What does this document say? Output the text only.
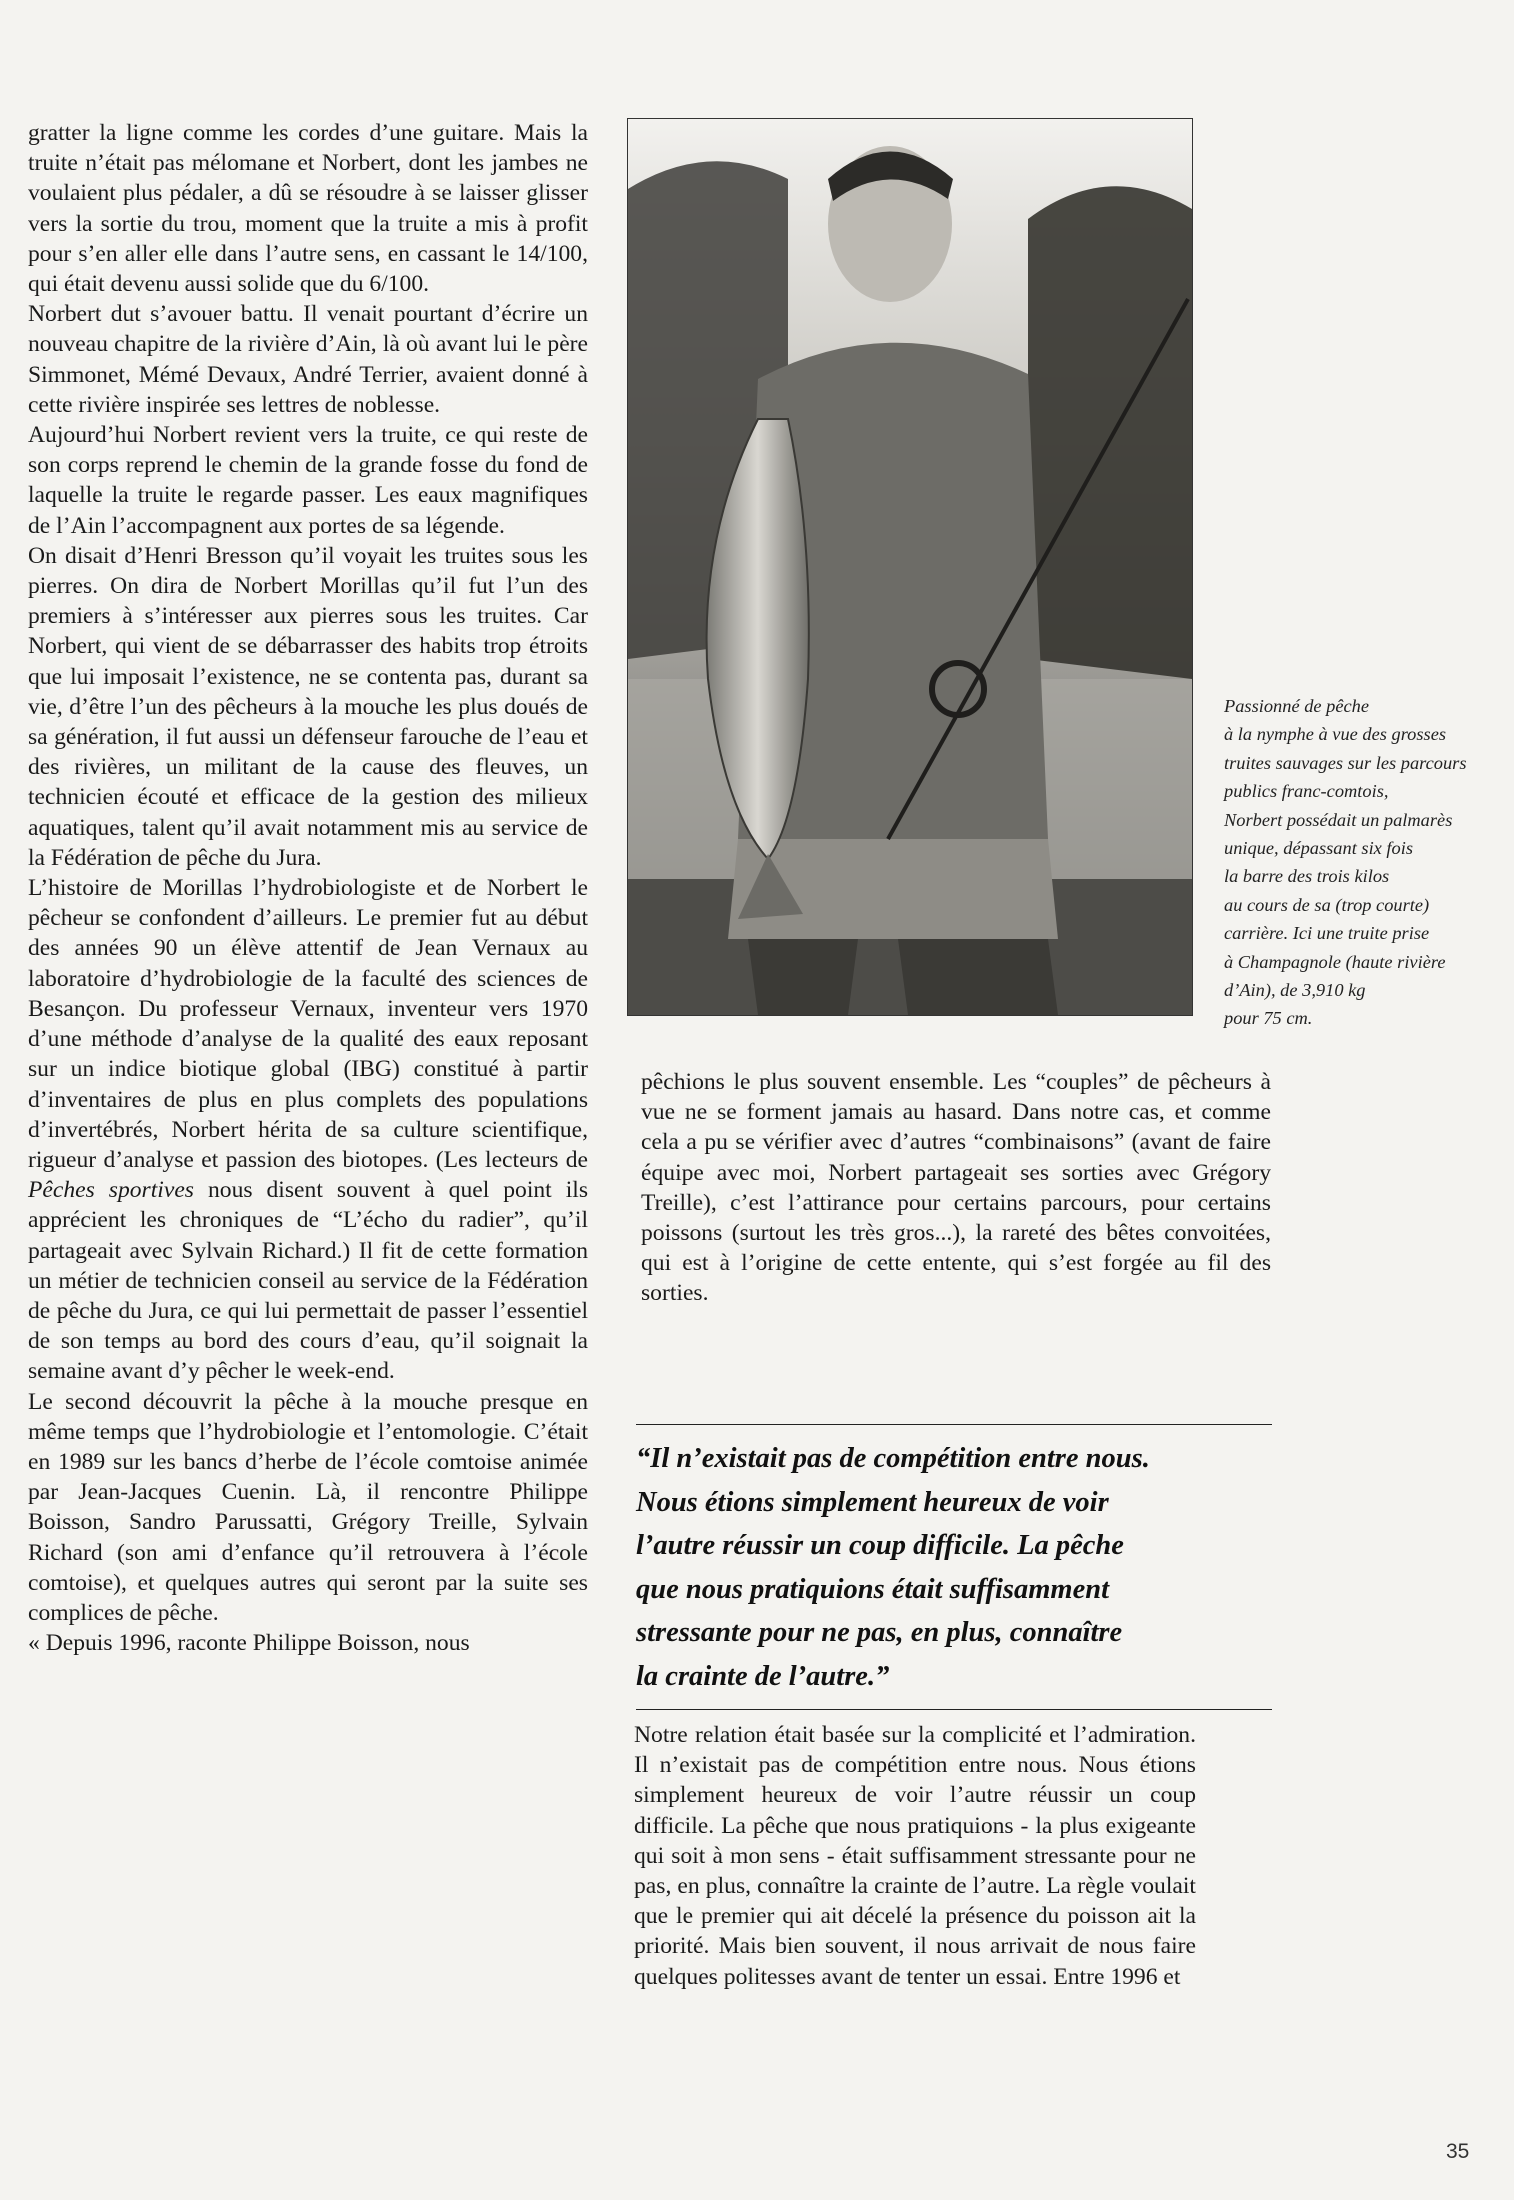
gratter la ligne comme les cordes d’une guitare. Mais la truite n’était pas mélomane et Norbert, dont les jambes ne voulaient plus pédaler, a dû se résoudre à se laisser glisser vers la sortie du trou, moment que la truite a mis à profit pour s’en aller elle dans l’autre sens, en cassant le 14/100, qui était devenu aussi solide que du 6/100.

Norbert dut s’avouer battu. Il venait pourtant d’écrire un nouveau chapitre de la rivière d’Ain, là où avant lui le père Simmonet, Mémé Devaux, André Terrier, avaient donné à cette rivière inspirée ses lettres de noblesse.

Aujourd’hui Norbert revient vers la truite, ce qui reste de son corps reprend le chemin de la grande fosse du fond de laquelle la truite le regarde passer. Les eaux magnifiques de l’Ain l’accompagnent aux portes de sa légende.

On disait d’Henri Bresson qu’il voyait les truites sous les pierres. On dira de Norbert Morillas qu’il fut l’un des premiers à s’intéresser aux pierres sous les truites. Car Norbert, qui vient de se débarrasser des habits trop étroits que lui imposait l’existence, ne se contenta pas, durant sa vie, d’être l’un des pêcheurs à la mouche les plus doués de sa génération, il fut aussi un défenseur farouche de l’eau et des rivières, un militant de la cause des fleuves, un technicien écouté et efficace de la gestion des milieux aquatiques, talent qu’il avait notamment mis au service de la Fédération de pêche du Jura.

L’histoire de Morillas l’hydrobiologiste et de Norbert le pêcheur se confondent d’ailleurs. Le premier fut au début des années 90 un élève attentif de Jean Vernaux au laboratoire d’hydrobiologie de la faculté des sciences de Besançon. Du professeur Vernaux, inventeur vers 1970 d’une méthode d’analyse de la qualité des eaux reposant sur un indice biotique global (IBG) constitué à partir d’inventaires de plus en plus complets des populations d’invertébrés, Norbert hérita de sa culture scientifique, rigueur d’analyse et passion des biotopes. (Les lecteurs de Pêches sportives nous disent souvent à quel point ils apprécient les chroniques de “L’écho du radier”, qu’il partageait avec Sylvain Richard.) Il fit de cette formation un métier de technicien conseil au service de la Fédération de pêche du Jura, ce qui lui permettait de passer l’essentiel de son temps au bord des cours d’eau, qu’il soignait la semaine avant d’y pêcher le week-end.

Le second découvrit la pêche à la mouche presque en même temps que l’hydrobiologie et l’entomologie. C’était en 1989 sur les bancs d’herbe de l’école comtoise animée par Jean-Jacques Cuenin. Là, il rencontre Philippe Boisson, Sandro Parussatti, Grégory Treille, Sylvain Richard (son ami d’enfance qu’il retrouvera à l’école comtoise), et quelques autres qui seront par la suite ses complices de pêche.

« Depuis 1996, raconte Philippe Boisson, nous

Passionné de pêche
à la nymphe à vue des grosses
truites sauvages sur les parcours
publics franc-comtois,
Norbert possédait un palmarès
unique, dépassant six fois
la barre des trois kilos
au cours de sa (trop courte)
carrière. Ici une truite prise
à Champagnole (haute rivière
d’Ain), de 3,910 kg
pour 75 cm.

pêchions le plus souvent ensemble. Les “couples” de pêcheurs à vue ne se forment jamais au hasard. Dans notre cas, et comme cela a pu se vérifier avec d’autres “combinaisons” (avant de faire équipe avec moi, Norbert partageait ses sorties avec Grégory Treille), c’est l’attirance pour certains parcours, pour certains poissons (surtout les très gros...), la rareté des bêtes convoitées, qui est à l’origine de cette entente, qui s’est forgée au fil des sorties.

“Il n’existait pas de compétition entre nous.
Nous étions simplement heureux de voir
l’autre réussir un coup difficile. La pêche
que nous pratiquions était suffisamment
stressante pour ne pas, en plus, connaître
la crainte de l’autre.”

Notre relation était basée sur la complicité et l’admiration. Il n’existait pas de compétition entre nous. Nous étions simplement heureux de voir l’autre réussir un coup difficile. La pêche que nous pratiquions - la plus exigeante qui soit à mon sens - était suffisamment stressante pour ne pas, en plus, connaître la crainte de l’autre. La règle voulait que le premier qui ait décelé la présence du poisson ait la priorité. Mais bien souvent, il nous arrivait de nous faire quelques politesses avant de tenter un essai. Entre 1996 et

35
